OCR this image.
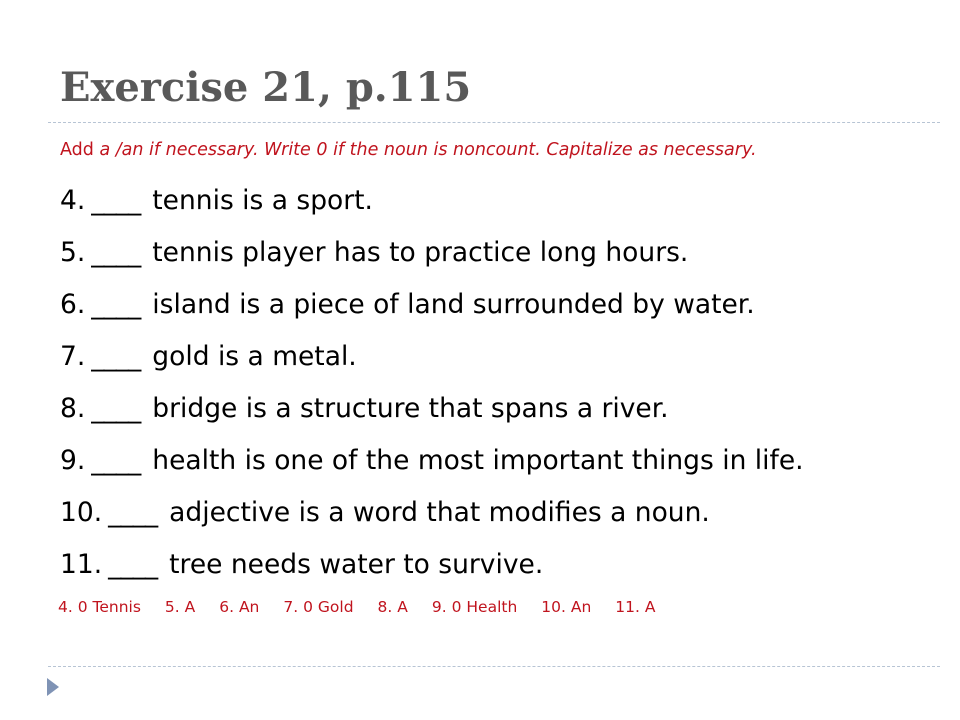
Exercise 21, p.115
Add a /an if necessary. Write 0 if the noun is noncount. Capitalize as necessary.
4. ____ tennis is a sport.
5. ____ tennis player has to practice long hours.
6. ____ island is a piece of land surrounded by water.
7. ____ gold is a metal.
8. ____ bridge is a structure that spans a river.
9. ____ health is one of the most important things in life.
10. ____ adjective is a word that modifies a noun.
11. ____ tree needs water to survive.
4. 0 Tennis 5. A 6. An 7. 0 Gold 8. A 9. 0 Health 10. An 11. A
